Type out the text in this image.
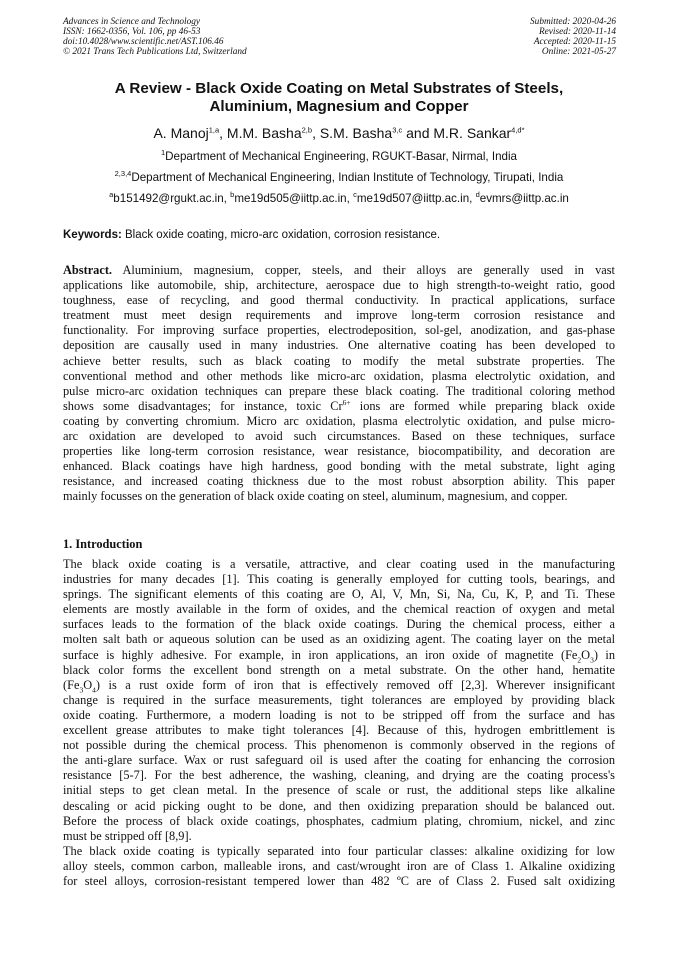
Advances in Science and Technology
ISSN: 1662-0356, Vol. 106, pp 46-53
doi:10.4028/www.scientific.net/AST.106.46
© 2021 Trans Tech Publications Ltd, Switzerland
Submitted: 2020-04-26
Revised: 2020-11-14
Accepted: 2020-11-15
Online: 2021-05-27
A Review - Black Oxide Coating on Metal Substrates of Steels,
Aluminium, Magnesium and Copper
A. Manoj$^{1,a}$, M.M. Basha$^{2,b}$, S.M. Basha$^{3,c}$ and M.R. Sankar$^{4,d*}$
$^1$Department of Mechanical Engineering, RGUKT-Basar, Nirmal, India
$^{2,3,4}$Department of Mechanical Engineering, Indian Institute of Technology, Tirupati, India
$^a$b151492@rgukt.ac.in, $^b$me19d505@iittp.ac.in, $^c$me19d507@iittp.ac.in, $^d$evmrs@iittp.ac.in
Keywords: Black oxide coating, micro-arc oxidation, corrosion resistance.
Abstract. Aluminium, magnesium, copper, steels, and their alloys are generally used in vast
applications like automobile, ship, architecture, aerospace due to high strength-to-weight ratio, good
toughness, ease of recycling, and good thermal conductivity. In practical applications, surface
treatment must meet design requirements and improve long-term corrosion resistance and
functionality. For improving surface properties, electrodeposition, sol-gel, anodization, and gas-phase
deposition are causally used in many industries. One alternative coating has been developed to
achieve better results, such as black coating to modify the metal substrate properties. The
conventional method and other methods like micro-arc oxidation, plasma electrolytic oxidation, and
pulse micro-arc oxidation techniques can prepare these black coating. The traditional coloring method
shows some disadvantages; for instance, toxic $Cr^{6+}$ ions are formed while preparing black oxide
coating by converting chromium. Micro arc oxidation, plasma electrolytic oxidation, and pulse micro-
arc oxidation are developed to avoid such circumstances. Based on these techniques, surface
properties like long-term corrosion resistance, wear resistance, biocompatibility, and decoration are
enhanced. Black coatings have high hardness, good bonding with the metal substrate, light aging
resistance, and increased coating thickness due to the most robust absorption ability. This paper
mainly focusses on the generation of black oxide coating on steel, aluminum, magnesium, and copper.
1. Introduction
The black oxide coating is a versatile, attractive, and clear coating used in the manufacturing
industries for many decades [1]. This coating is generally employed for cutting tools, bearings, and
springs. The significant elements of this coating are O, Al, V, Mn, Si, Na, Cu, K, P, and Ti. These
elements are mostly available in the form of oxides, and the chemical reaction of oxygen and metal
surfaces leads to the formation of the black oxide coatings. During the chemical process, either a
molten salt bath or aqueous solution can be used as an oxidizing agent. The coating layer on the metal
surface is highly adhesive. For example, in iron applications, an iron oxide of magnetite $(Fe_2O_3)$ in
black color forms the excellent bond strength on a metal substrate. On the other hand, hematite
$(Fe_3O_4)$ is a rust oxide form of iron that is effectively removed off [2,3]. Wherever insignificant
change is required in the surface measurements, tight tolerances are employed by providing black
oxide coating. Furthermore, a modern loading is not to be stripped off from the surface and has
excellent grease attributes to make tight tolerances [4]. Because of this, hydrogen embrittlement is
not possible during the chemical process. This phenomenon is commonly observed in the regions of
the anti-glare surface. Wax or rust safeguard oil is used after the coating for enhancing the corrosion
resistance [5-7]. For the best adherence, the washing, cleaning, and drying are the coating process's
initial steps to get clean metal. In the presence of scale or rust, the additional steps like alkaline
descaling or acid picking ought to be done, and then oxidizing preparation should be balanced out.
Before the process of black oxide coatings, phosphates, cadmium plating, chromium, nickel, and zinc
must be stripped off [8,9].
The black oxide coating is typically separated into four particular classes: alkaline oxidizing for low
alloy steels, common carbon, malleable irons, and cast/wrought iron are of Class 1. Alkaline oxidizing
for steel alloys, corrosion-resistant tempered lower than 482 ºC are of Class 2. Fused salt oxidizing
